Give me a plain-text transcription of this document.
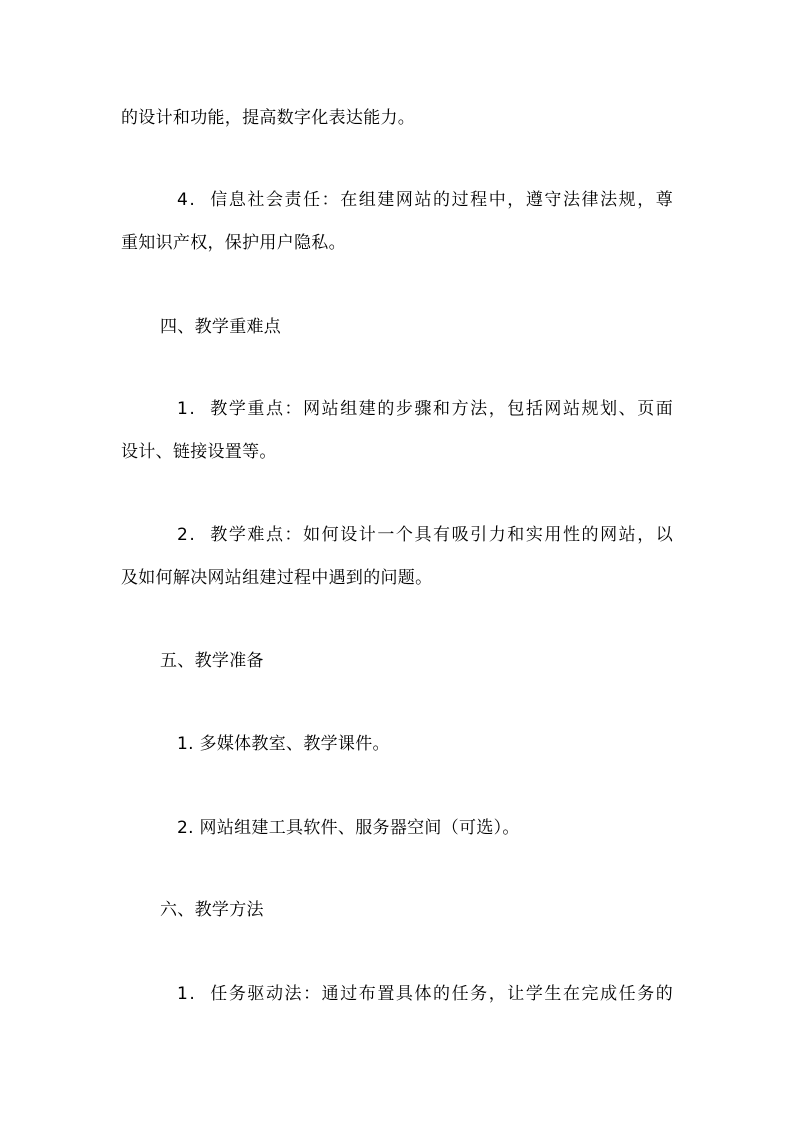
的设计和功能，提高数字化表达能力。
4 .

信 息 社 会 责 任 ： 在 组 建 网 站 的 过 程 中 ， 遵 守 法 律 法 规 ， 尊
重知识产权，保护用户隐私。
四、教学重难点
1 .

教 学 重 点 ： 网 站 组 建 的 步 骤 和 方 法 ， 包 括 网 站 规 划 、 页 面
设计、链接设置等。
2 .

教 学 难 点 ： 如 何 设 计 一 个 具 有 吸 引 力 和 实 用 性 的 网 站 ， 以
及如何解决网站组建过程中遇到的问题。
五、教学准备
1. 多媒体教室、教学课件。
2. 网站组建工具软件、服务器空间（可选）。
六、教学方法
1 .

任 务 驱 动 法 ： 通 过 布 置 具 体 的 任 务 ， 让 学 生 在 完 成 任 务 的
